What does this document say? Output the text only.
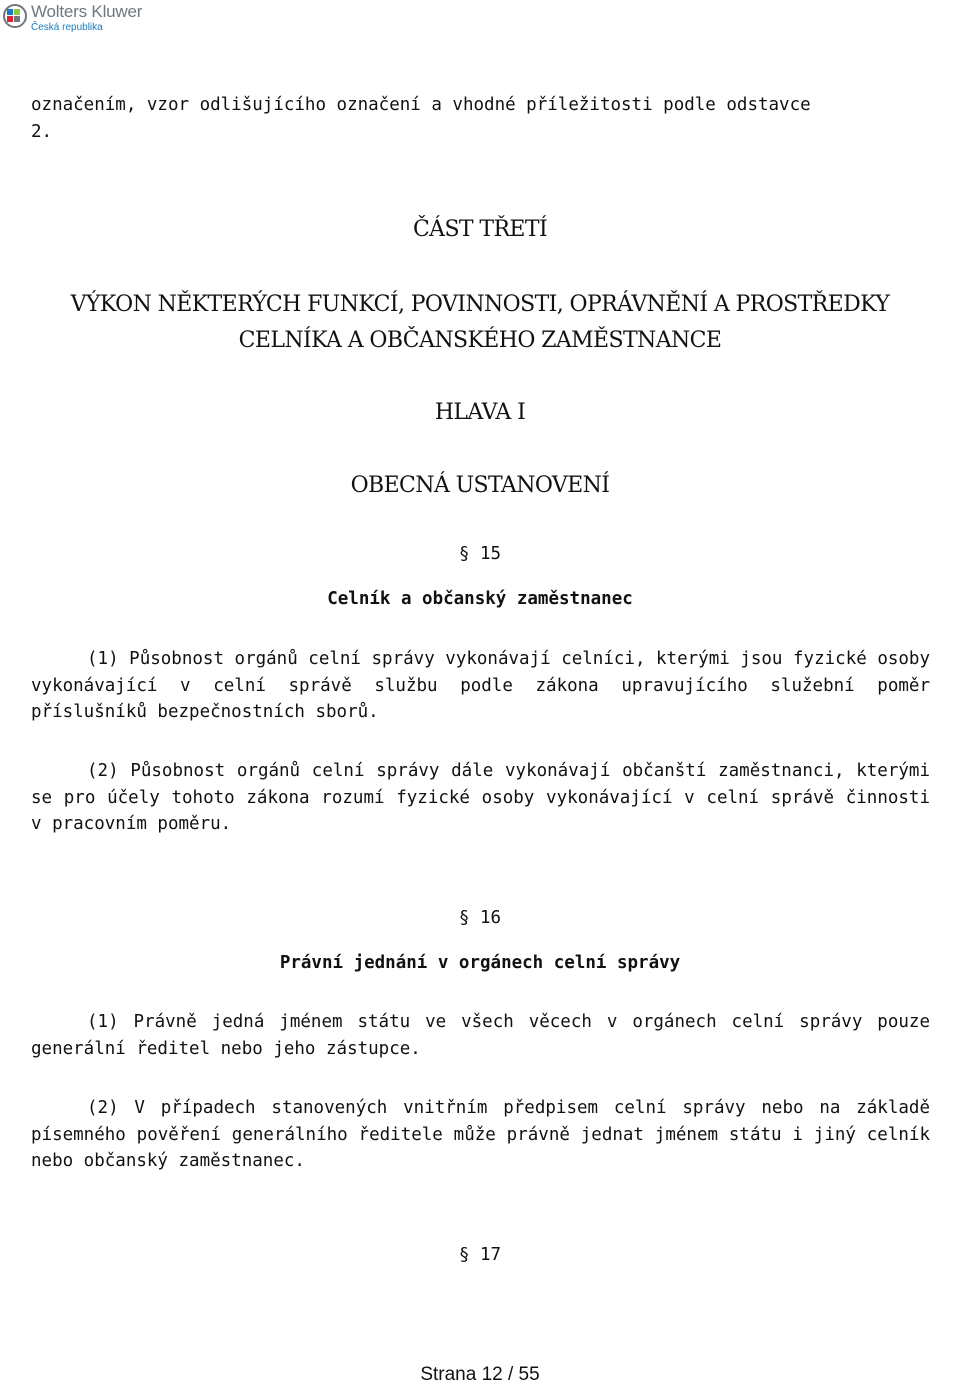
Wolters Kluwer
Česká republika

označením, vzor odlišujícího označení a vhodné příležitosti podle odstavce

2.

ČÁST TŘETÍ
VÝKON NĚKTERÝCH FUNKCÍ, POVINNOSTI, OPRÁVNĚNÍ A PROSTŘEDKY
CELNÍKA A OBČANSKÉHO ZAMĚSTNANCE
HLAVA I
OBECNÁ USTANOVENÍ
§ 15
Celník a občanský zaměstnanec

(1) Působnost orgánů celní správy vykonávají celníci, kterými jsou fyzické osoby vykonávající v celní správě službu podle zákona upravujícího služební poměr příslušníků bezpečnostních sborů.

(2) Působnost orgánů celní správy dále vykonávají občanští zaměstnanci, kterými se pro účely tohoto zákona rozumí fyzické osoby vykonávající v celní správě činnosti v pracovním poměru.

§ 16
Právní jednání v orgánech celní správy

(1) Právně jedná jménem státu ve všech věcech v orgánech celní správy pouze generální ředitel nebo jeho zástupce.

(2) V případech stanovených vnitřním předpisem celní správy nebo na základě písemného pověření generálního ředitele může právně jednat jménem státu i jiný celník nebo občanský zaměstnanec.

§ 17
Strana 12 / 55
